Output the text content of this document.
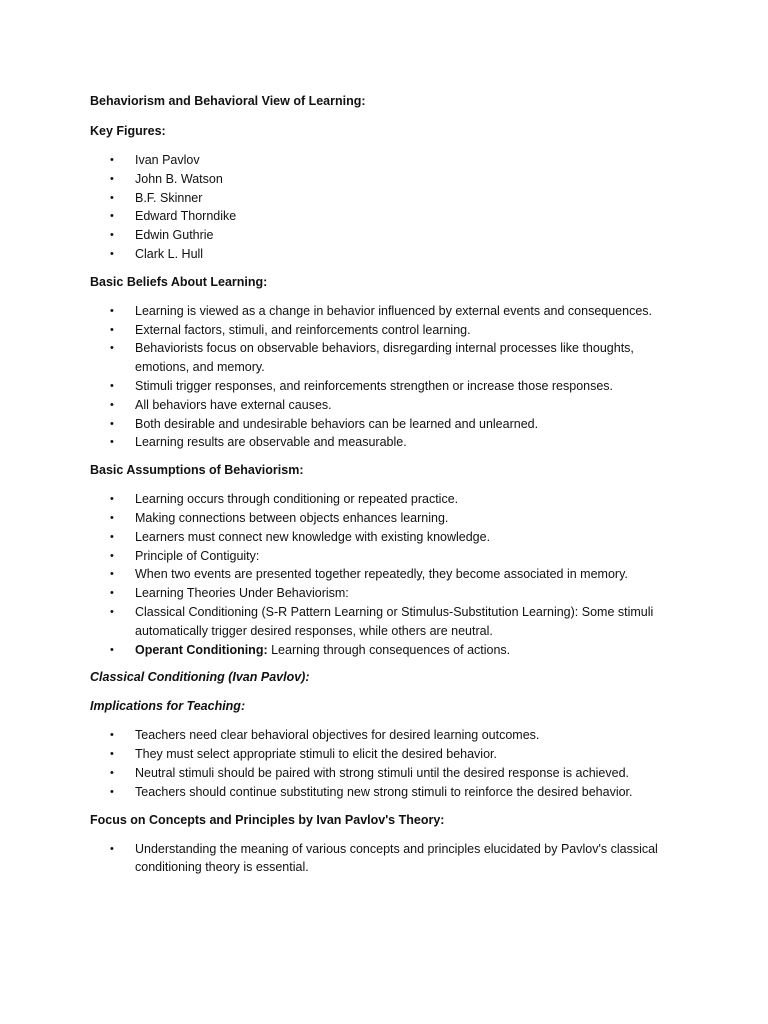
Behaviorism and Behavioral View of Learning:

Key Figures:

• Ivan Pavlov
• John B. Watson
• B.F. Skinner
• Edward Thorndike
• Edwin Guthrie
• Clark L. Hull

Basic Beliefs About Learning:

• Learning is viewed as a change in behavior influenced by external events and consequences.
• External factors, stimuli, and reinforcements control learning.
• Behaviorists focus on observable behaviors, disregarding internal processes like thoughts, emotions, and memory.
• Stimuli trigger responses, and reinforcements strengthen or increase those responses.
• All behaviors have external causes.
• Both desirable and undesirable behaviors can be learned and unlearned.
• Learning results are observable and measurable.

Basic Assumptions of Behaviorism:

• Learning occurs through conditioning or repeated practice.
• Making connections between objects enhances learning.
• Learners must connect new knowledge with existing knowledge.
• Principle of Contiguity:
• When two events are presented together repeatedly, they become associated in memory.
• Learning Theories Under Behaviorism:
• Classical Conditioning (S-R Pattern Learning or Stimulus-Substitution Learning): Some stimuli automatically trigger desired responses, while others are neutral.
• Operant Conditioning: Learning through consequences of actions.

Classical Conditioning (Ivan Pavlov):

Implications for Teaching:

• Teachers need clear behavioral objectives for desired learning outcomes.
• They must select appropriate stimuli to elicit the desired behavior.
• Neutral stimuli should be paired with strong stimuli until the desired response is achieved.
• Teachers should continue substituting new strong stimuli to reinforce the desired behavior.

Focus on Concepts and Principles by Ivan Pavlov's Theory:

• Understanding the meaning of various concepts and principles elucidated by Pavlov's classical conditioning theory is essential.
